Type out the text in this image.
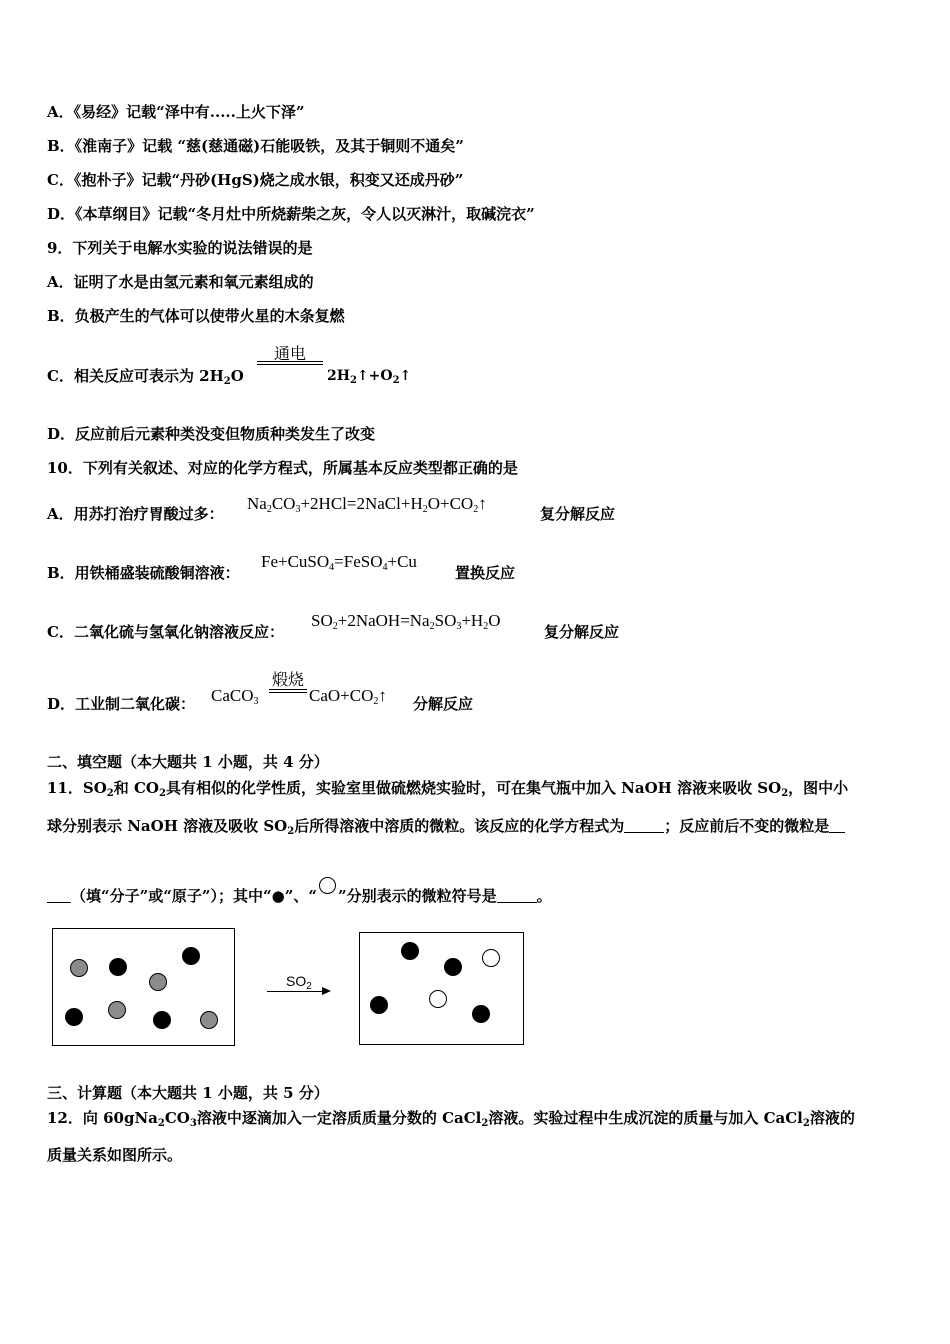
A．《易经》记载“泽中有.....上火下泽”
B．《淮南子》记载 “慈(慈通磁)石能吸铁，及其于铜则不通矣”
C．《抱朴子》记载“丹砂(HgS)烧之成水银，积变又还成丹砂”
D．《本草纲目》记载“冬月灶中所烧薪柴之灰，令人以灭淋汁，取碱浣衣”
9．下列关于电解水实验的说法错误的是
A．证明了水是由氢元素和氧元素组成的
B．负极产生的气体可以使带火星的木条复燃
C．相关反应可表示为 $2H_2O$
通电
$2H_2↑+O_2↑$
D．反应前后元素种类没变但物质种类发生了改变
10．下列有关叙述、对应的化学方程式，所属基本反应类型都正确的是
A．用苏打治疗胃酸过多：
$Na_2CO_3+2HCl=2NaCl+H_2O+CO_2↑$
复分解反应
B．用铁桶盛装硫酸铜溶液：
Fe+CuSO$_4$=FeSO$_4$+Cu
置换反应
C．二氧化硫与氢氧化钠溶液反应：
$SO_2+2NaOH=Na_2SO_3+H_2O$
复分解反应
D．工业制二氧化碳： CaCO$_3$
煅烧
$CaO+CO_2↑$ 分解反应
二、填空题（本大题共 1 小题，共 4 分）
11．$SO_2$和 $CO_2$具有相似的化学性质，实验室里做硫燃烧实验时，可在集气瓶中加入 NaOH 溶液来吸收 $SO_2$，图中小
球分别表示 NaOH 溶液及吸收 $SO_2$后所得溶液中溶质的微粒。该反应的化学方程式为	；反应前后不变的微粒是
（填“分子”或“原子”）；其中“●”、“ ”分别表示的微粒符号是	。
$SO_2$
三、计算题（本大题共 1 小题，共 5 分）
12．向 $60gNa_2CO_3$溶液中逐滴加入一定溶质质量分数的 CaCl$_2$溶液。实验过程中生成沉淀的质量与加入 CaCl$_2$溶液的
质量关系如图所示。
